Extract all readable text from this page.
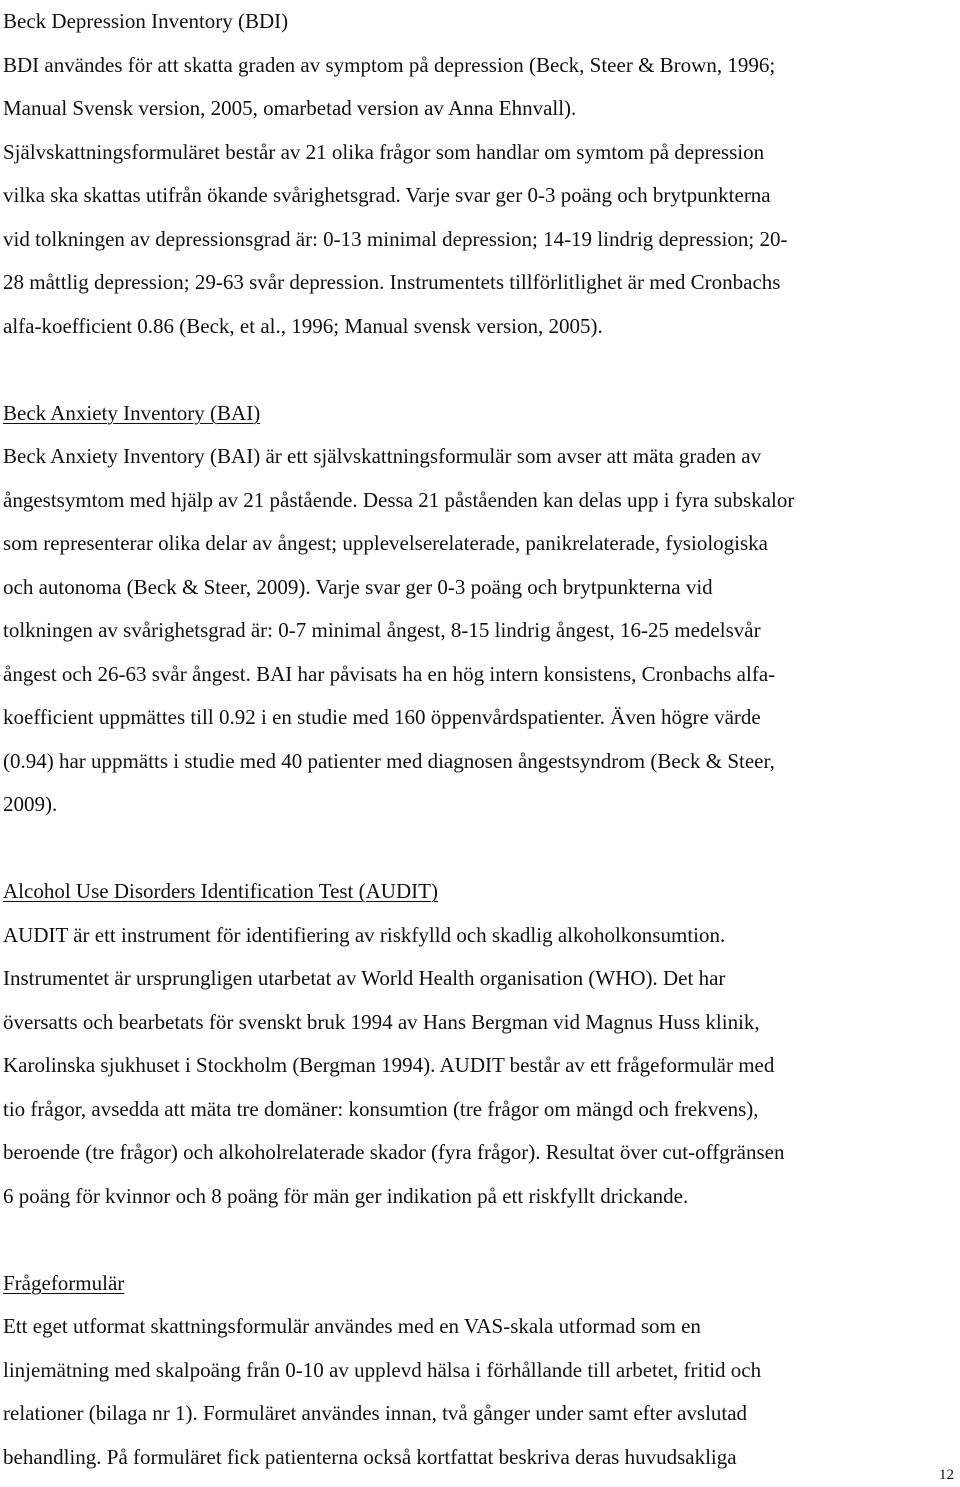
Beck Depression Inventory (BDI)
BDI användes för att skatta graden av symptom på depression (Beck, Steer & Brown, 1996;
Manual Svensk version, 2005, omarbetad version av Anna Ehnvall).
Självskattningsformuläret består av 21 olika frågor som handlar om symtom på depression
vilka ska skattas utifrån ökande svårighetsgrad. Varje svar ger 0-3 poäng och brytpunkterna
vid tolkningen av depressionsgrad är: 0-13 minimal depression; 14-19 lindrig depression; 20-
28 måttlig depression; 29-63 svår depression. Instrumentets tillförlitlighet är med Cronbachs
alfa-koefficient 0.86 (Beck, et al., 1996; Manual svensk version, 2005).
Beck Anxiety Inventory (BAI)
Beck Anxiety Inventory (BAI) är ett självskattningsformulär som avser att mäta graden av
ångestsymtom med hjälp av 21 påstående. Dessa 21 påståenden kan delas upp i fyra subskalor
som representerar olika delar av ångest; upplevelserelaterade, panikrelaterade, fysiologiska
och autonoma (Beck & Steer, 2009). Varje svar ger 0-3 poäng och brytpunkterna vid
tolkningen av svårighetsgrad är: 0-7 minimal ångest, 8-15 lindrig ångest, 16-25 medelsvår
ångest och 26-63 svår ångest. BAI har påvisats ha en hög intern konsistens, Cronbachs alfa-
koefficient uppmättes till 0.92 i en studie med 160 öppenvårdspatienter. Även högre värde
(0.94) har uppmätts i studie med 40 patienter med diagnosen ångestsyndrom (Beck & Steer,
2009).
Alcohol Use Disorders Identification Test (AUDIT)
AUDIT är ett instrument för identifiering av riskfylld och skadlig alkoholkonsumtion.
Instrumentet är ursprungligen utarbetat av World Health organisation (WHO). Det har
översatts och bearbetats för svenskt bruk 1994 av Hans Bergman vid Magnus Huss klinik,
Karolinska sjukhuset i Stockholm (Bergman 1994). AUDIT består av ett frågeformulär med
tio frågor, avsedda att mäta tre domäner: konsumtion (tre frågor om mängd och frekvens),
beroende (tre frågor) och alkoholrelaterade skador (fyra frågor). Resultat över cut-offgränsen
6 poäng för kvinnor och 8 poäng för män ger indikation på ett riskfyllt drickande.
Frågeformulär
Ett eget utformat skattningsformulär användes med en VAS-skala utformad som en
linjemätning med skalpoäng från 0-10 av upplevd hälsa i förhållande till arbetet, fritid och
relationer (bilaga nr 1). Formuläret användes innan, två gånger under samt efter avslutad
behandling. På formuläret fick patienterna också kortfattat beskriva deras huvudsakliga
12
